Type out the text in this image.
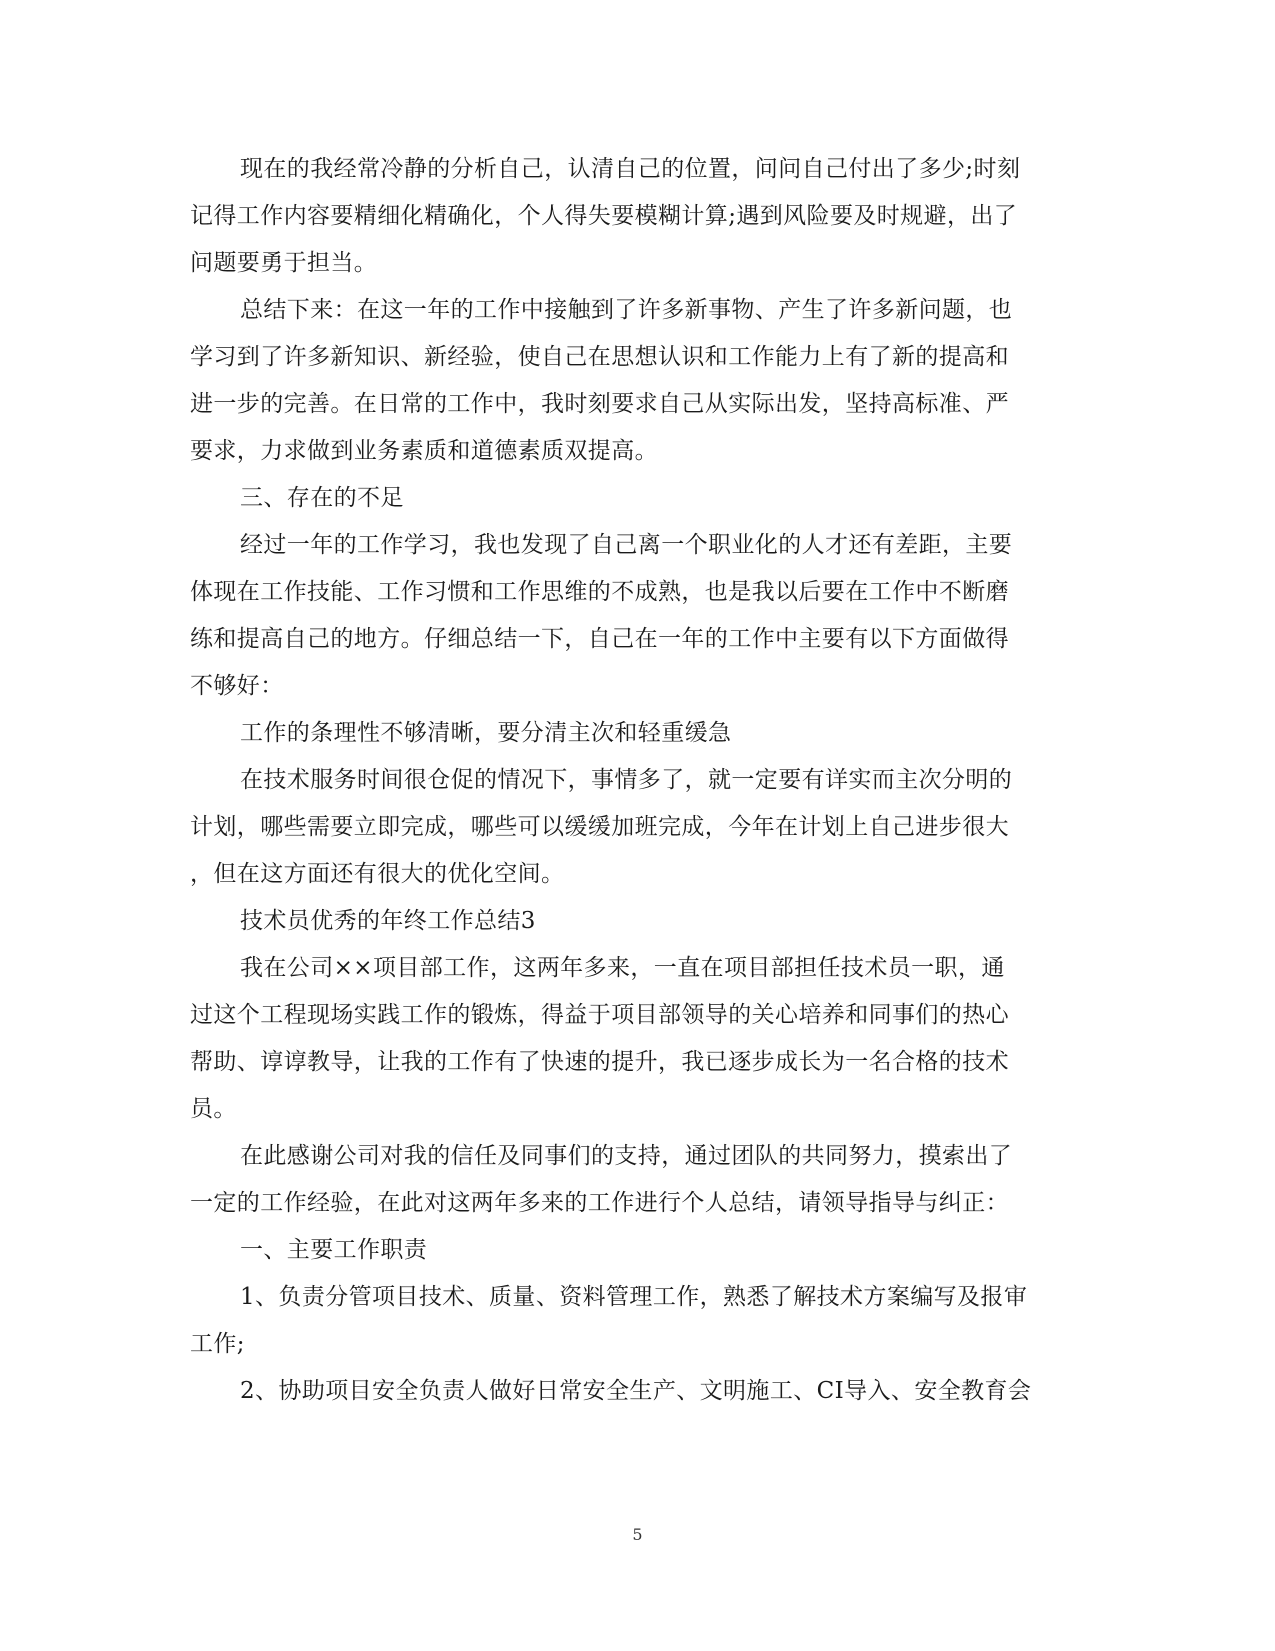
现在的我经常冷静的分析自己，认清自己的位置，问问自己付出了多少;时刻
记得工作内容要精细化精确化，个人得失要模糊计算;遇到风险要及时规避，出了
问题要勇于担当。
总结下来：在这一年的工作中接触到了许多新事物、产生了许多新问题，也
学习到了许多新知识、新经验，使自己在思想认识和工作能力上有了新的提高和
进一步的完善。在日常的工作中，我时刻要求自己从实际出发，坚持高标准、严
要求，力求做到业务素质和道德素质双提高。
三、存在的不足
经过一年的工作学习，我也发现了自己离一个职业化的人才还有差距，主要
体现在工作技能、工作习惯和工作思维的不成熟，也是我以后要在工作中不断磨
练和提高自己的地方。仔细总结一下，自己在一年的工作中主要有以下方面做得
不够好：
工作的条理性不够清晰，要分清主次和轻重缓急
在技术服务时间很仓促的情况下，事情多了，就一定要有详实而主次分明的
计划，哪些需要立即完成，哪些可以缓缓加班完成，今年在计划上自己进步很大
，但在这方面还有很大的优化空间。
技术员优秀的年终工作总结3
我在公司××项目部工作，这两年多来，一直在项目部担任技术员一职，通
过这个工程现场实践工作的锻炼，得益于项目部领导的关心培养和同事们的热心
帮助、谆谆教导，让我的工作有了快速的提升，我已逐步成长为一名合格的技术
员。
在此感谢公司对我的信任及同事们的支持，通过团队的共同努力，摸索出了
一定的工作经验，在此对这两年多来的工作进行个人总结，请领导指导与纠正：
一、主要工作职责
1、负责分管项目技术、质量、资料管理工作，熟悉了解技术方案编写及报审
工作;
2、协助项目安全负责人做好日常安全生产、文明施工、CI导入、安全教育会
5
